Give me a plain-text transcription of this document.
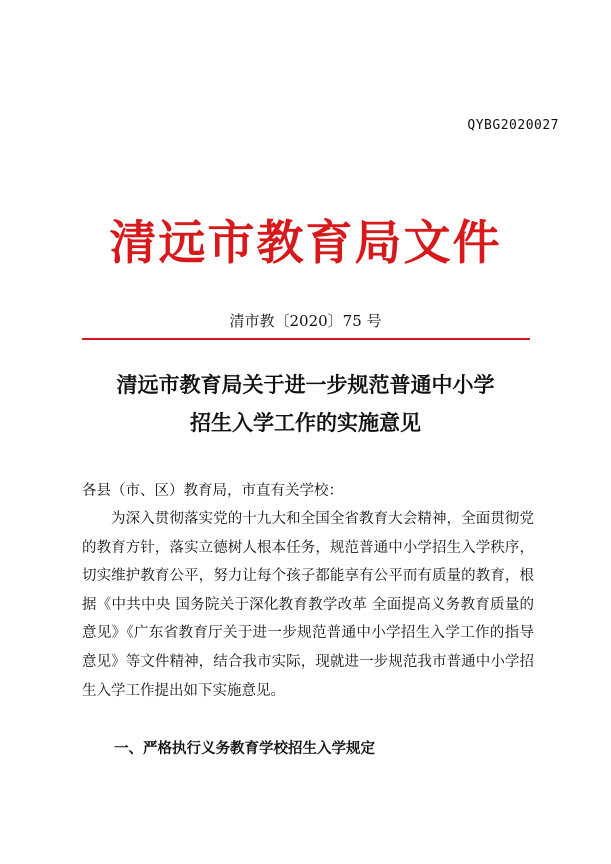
QYBG2020027
清远市教育局文件
清市教〔2020〕75 号
清远市教育局关于进一步规范普通中小学
招生入学工作的实施意见
各县（市、区）教育局，市直有关学校：

为深入贯彻落实党的十九大和全国全省教育大会精神，全面贯彻党的教育方针，落实立德树人根本任务，规范普通中小学招生入学秩序，切实维护教育公平，努力让每个孩子都能享有公平而有质量的教育，根据《中共中央 国务院关于深化教育教学改革 全面提高义务教育质量的意见》《广东省教育厅关于进一步规范普通中小学招生入学工作的指导意见》等文件精神，结合我市实际，现就进一步规范我市普通中小学招生入学工作提出如下实施意见。

一、严格执行义务教育学校招生入学规定
